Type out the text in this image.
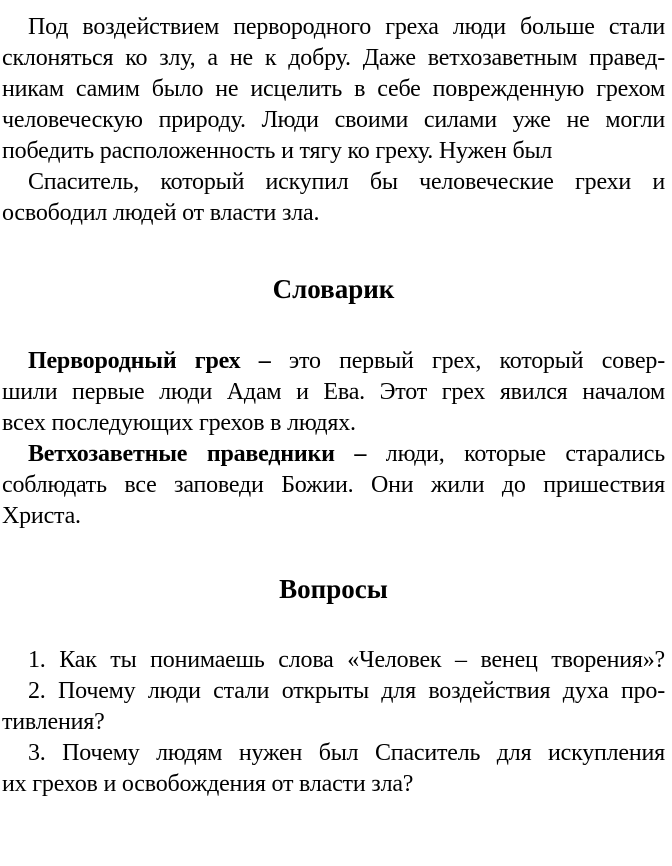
Под воздействием первородного греха люди больше стали
склоняться ко злу, а не к добру. Даже ветхозаветным правед-
никам самим было не исцелить в себе поврежденную грехом
человеческую природу. Люди своими силами уже не могли
победить расположенность и тягу ко греху. Нужен был
Спаситель, который искупил бы человеческие грехи и
освободил людей от власти зла.
Словарик
Первородный грех – это первый грех, который совер-
шили первые люди Адам и Ева. Этот грех явился началом
всех последующих грехов в людях.
Ветхозаветные праведники – люди, которые старались
соблюдать все заповеди Божии. Они жили до пришествия
Христа.
Вопросы
1. Как ты понимаешь слова «Человек – венец творения»?
2. Почему люди стали открыты для воздействия духа про-
тивления?
3. Почему людям нужен был Спаситель для искупления
их грехов и освобождения от власти зла?
